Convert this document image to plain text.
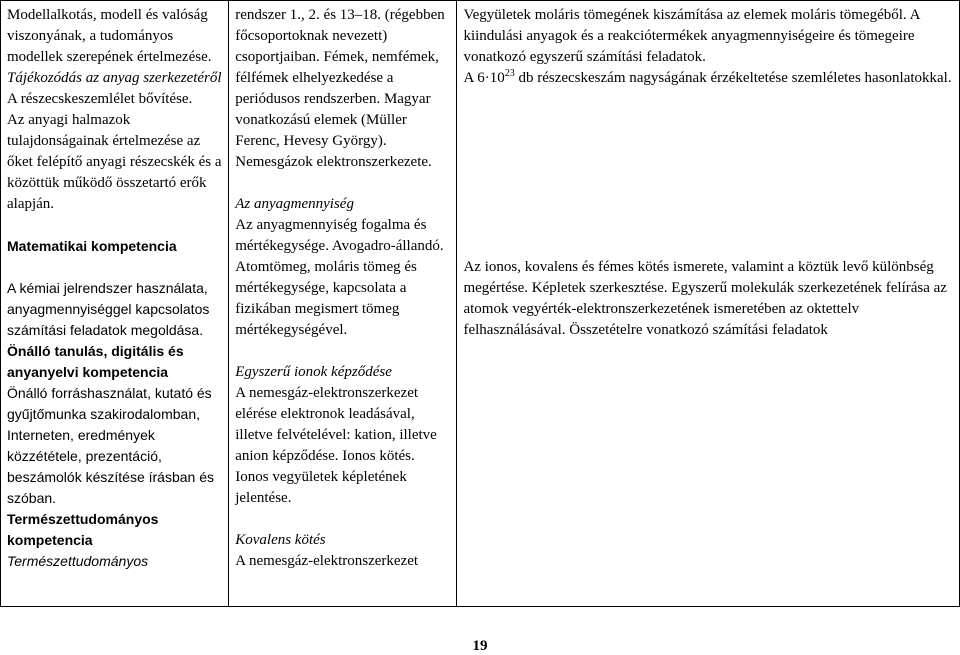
Modellalkotás, modell és valóság viszonyának, a tudományos modellek szerepének értelmezése.
Tájékozódás az anyag szerkezetéről
A részecskeszemlélet bővítése.
Az anyagi halmazok tulajdonságainak értelmezése az őket felépítő anyagi részecskék és a közöttük működő összetartó erők alapján.
Matematikai kompetencia
A kémiai jelrendszer használata, anyagmennyiséggel kapcsolatos számítási feladatok megoldása.
Önálló tanulás, digitális és anyanyelvi kompetencia
Önálló forráshasználat, kutató és gyűjtőmunka szakirodalomban, Interneten, eredmények közzététele, prezentáció, beszámolók készítése írásban és szóban.
Természettudományos kompetencia
Természettudományos

rendszer 1., 2. és 13–18. (régebben főcsoportoknak nevezett) csoportjaiban. Fémek, nemfémek, félfémek elhelyezkedése a periódusos rendszerben. Magyar vonatkozású elemek (Müller Ferenc, Hevesy György). Nemesgázok elektronszerkezete.
Az anyagmennyiség
Az anyagmennyiség fogalma és mértékegysége. Avogadro-állandó. Atomtömeg, moláris tömeg és mértékegysége, kapcsolata a fizikában megismert tömeg mértékegységével.
Egyszerű ionok képződése
A nemesgáz-elektronszerkezet elérése elektronok leadásával, illetve felvételével: kation, illetve anion képződése. Ionos kötés. Ionos vegyületek képletének jelentése.
Kovalens kötés
A nemesgáz-elektronszerkezet

Vegyületek moláris tömegének kiszámítása az elemek moláris tömegéből. A kiindulási anyagok és a reakciótermékek anyagmennyiségeire és tömegeire vonatkozó egyszerű számítási feladatok.
A $6\cdot 10^{23}$ db részecskeszám nagyságának érzékeltetése szemléletes hasonlatokkal.
Az ionos, kovalens és fémes kötés ismerete, valamint a köztük levő különbség megértése. Képletek szerkesztése. Egyszerű molekulák szerkezetének felírása az atomok vegyérték-elektronszerkezetének ismeretében az oktettelv felhasználásával. Összetételre vonatkozó számítási feladatok
19
